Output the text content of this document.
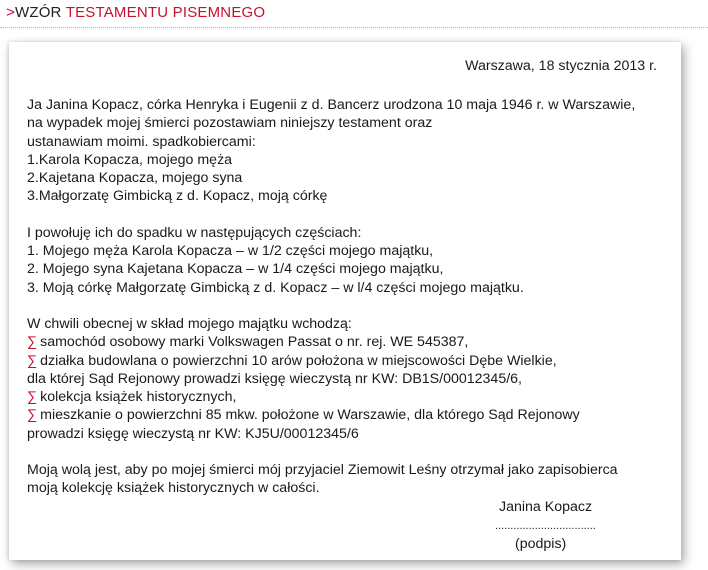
>WZÓR TESTAMENTU PISEMNEGO
Warszawa, 18 stycznia 2013 r.
Ja Janina Kopacz, córka Henryka i Eugenii z d. Bancerz urodzona 10 maja 1946 r. w Warszawie,
na wypadek mojej śmierci pozostawiam niniejszy testament oraz
ustanawiam moimi. spadkobiercami:
1.Karola Kopacza, mojego męża
2.Kajetana Kopacza, mojego syna
3.Małgorzatę Gimbicką z d. Kopacz, moją córkę
I powołuję ich do spadku w następujących częściach:
1. Mojego męża Karola Kopacza – w 1/2 części mojego majątku,
2. Mojego syna Kajetana Kopacza – w 1/4 części mojego majątku,
3. Moją córkę Małgorzatę Gimbicką z d. Kopacz – w l/4 części mojego majątku.
W chwili obecnej w skład mojego majątku wchodzą:
∑ samochód osobowy marki Volkswagen Passat o nr. rej. WE 545387,
∑ działka budowlana o powierzchni 10 arów położona w miejscowości Dębe Wielkie,
dla której Sąd Rejonowy prowadzi księgę wieczystą nr KW: DB1S/00012345/6,
∑ kolekcja książek historycznych,
∑ mieszkanie o powierzchni 85 mkw. położone w Warszawie, dla którego Sąd Rejonowy
prowadzi księgę wieczystą nr KW: KJ5U/00012345/6
Moją wolą jest, aby po mojej śmierci mój przyjaciel Ziemowit Leśny otrzymał jako zapisobierca
moją kolekcję książek historycznych w całości.
Janina Kopacz
.................................
(podpis)
